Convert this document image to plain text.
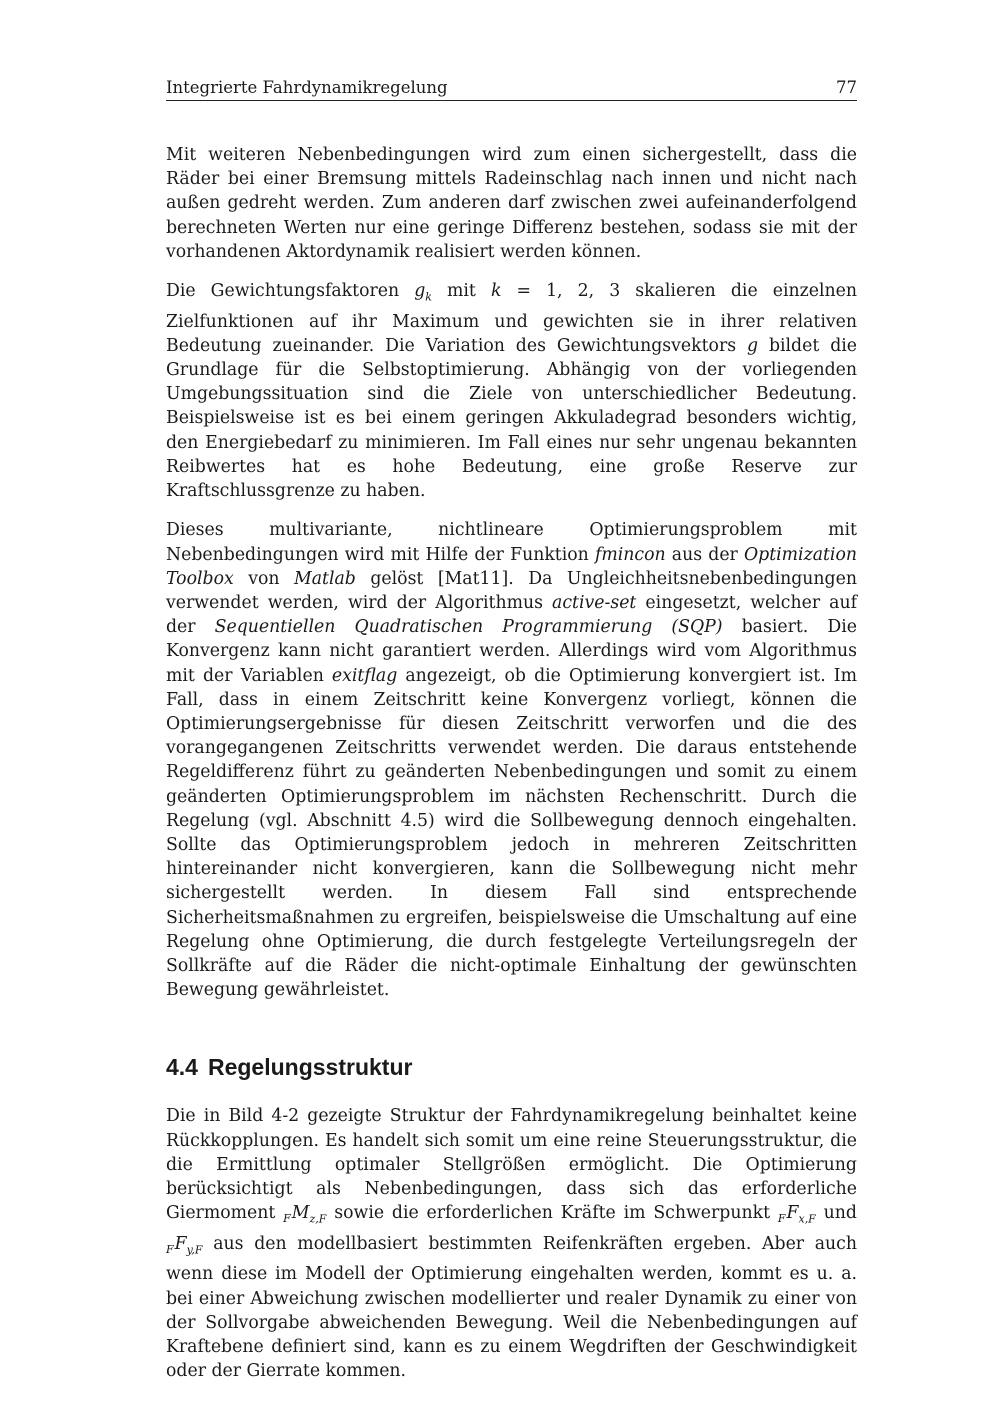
Integrierte Fahrdynamikregelung	77

Mit weiteren Nebenbedingungen wird zum einen sichergestellt, dass die Räder bei einer Bremsung mittels Radeinschlag nach innen und nicht nach außen gedreht werden. Zum anderen darf zwischen zwei aufeinanderfolgend berechneten Werten nur eine geringe Differenz bestehen, sodass sie mit der vorhandenen Aktordynamik realisiert werden können.

Die Gewichtungsfaktoren $g_k$ mit k = 1, 2, 3 skalieren die einzelnen Zielfunktionen auf ihr Maximum und gewichten sie in ihrer relativen Bedeutung zueinander. Die Variation des Gewichtungsvektors g bildet die Grundlage für die Selbstoptimierung. Abhängig von der vorliegenden Umgebungssituation sind die Ziele von unterschiedlicher Bedeutung. Beispielsweise ist es bei einem geringen Akkuladegrad besonders wichtig, den Energiebedarf zu minimieren. Im Fall eines nur sehr ungenau bekannten Reibwertes hat es hohe Bedeutung, eine große Reserve zur Kraftschlussgrenze zu haben.

Dieses multivariante, nichtlineare Optimierungsproblem mit Nebenbedingungen wird mit Hilfe der Funktion fmincon aus der Optimization Toolbox von Matlab gelöst [Mat11]. Da Ungleichheitsnebenbedingungen verwendet werden, wird der Algorithmus active-set eingesetzt, welcher auf der Sequentiellen Quadratischen Programmierung (SQP) basiert. Die Konvergenz kann nicht garantiert werden. Allerdings wird vom Algorithmus mit der Variablen exitflag angezeigt, ob die Optimierung konvergiert ist. Im Fall, dass in einem Zeitschritt keine Konvergenz vorliegt, können die Optimierungsergebnisse für diesen Zeitschritt verworfen und die des vorangegangenen Zeitschritts verwendet werden. Die daraus entstehende Regeldifferenz führt zu geänderten Nebenbedingungen und somit zu einem geänderten Optimierungsproblem im nächsten Rechenschritt. Durch die Regelung (vgl. Abschnitt 4.5) wird die Sollbewegung dennoch eingehalten. Sollte das Optimierungsproblem jedoch in mehreren Zeitschritten hintereinander nicht konvergieren, kann die Sollbewegung nicht mehr sichergestellt werden. In diesem Fall sind entsprechende Sicherheitsmaßnahmen zu ergreifen, beispielsweise die Umschaltung auf eine Regelung ohne Optimierung, die durch festgelegte Verteilungsregeln der Sollkräfte auf die Räder die nicht-optimale Einhaltung der gewünschten Bewegung gewährleistet.

4.4 Regelungsstruktur

Die in Bild 4-2 gezeigte Struktur der Fahrdynamikregelung beinhaltet keine Rückkopplungen. Es handelt sich somit um eine reine Steuerungsstruktur, die die Ermittlung optimaler Stellgrößen ermöglicht. Die Optimierung berücksichtigt als Nebenbedingungen, dass sich das erforderliche Giermoment $_FM_{z,F}$ sowie die erforderlichen Kräfte im Schwerpunkt $_FF_{x,F}$ und $_FF_{y,F}$ aus den modellbasiert bestimmten Reifenkräften ergeben. Aber auch wenn diese im Modell der Optimierung eingehalten werden, kommt es u. a. bei einer Abweichung zwischen modellierter und realer Dynamik zu einer von der Sollvorgabe abweichenden Bewegung. Weil die Nebenbedingungen auf Kraftebene definiert sind, kann es zu einem Wegdriften der Geschwindigkeit oder der Gierrate kommen.
